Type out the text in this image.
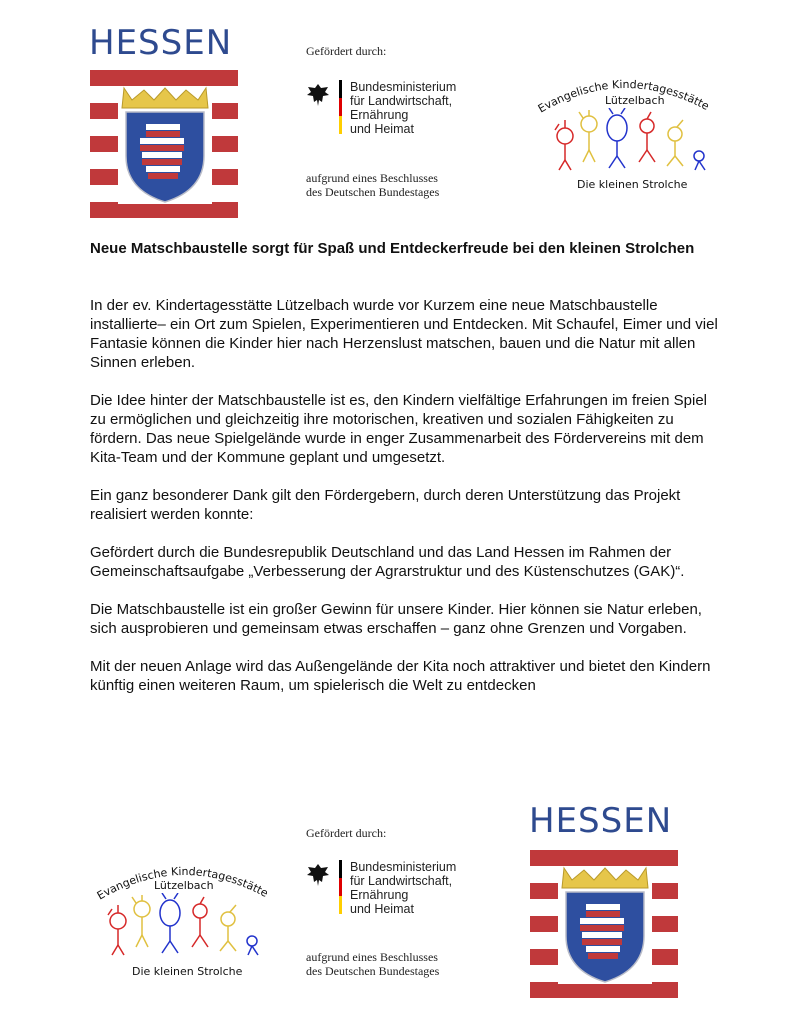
HESSEN	Gefördert durch:
Bundesministerium
für Landwirtschaft, Ernährung
und Heimat
aufgrund eines Beschlusses
des Deutschen Bundestages
Evangelische Kindertagesstätte
Lützelbach
Die kleinen Strolche
Neue Matschbaustelle sorgt für Spaß und Entdeckerfreude bei den kleinen Strolchen

In der ev. Kindertagesstätte Lützelbach wurde vor Kurzem eine neue Matschbaustelle installierte– ein Ort zum Spielen, Experimentieren und Entdecken. Mit Schaufel, Eimer und viel Fantasie können die Kinder hier nach Herzenslust matschen, bauen und die Natur mit allen Sinnen erleben.

Die Idee hinter der Matschbaustelle ist es, den Kindern vielfältige Erfahrungen im freien Spiel zu ermöglichen und gleichzeitig ihre motorischen, kreativen und sozialen Fähigkeiten zu fördern. Das neue Spielgelände wurde in enger Zusammenarbeit des Fördervereins mit dem Kita-Team und der Kommune geplant und umgesetzt.

Ein ganz besonderer Dank gilt den Fördergebern, durch deren Unterstützung das Projekt realisiert werden konnte:

Gefördert durch die Bundesrepublik Deutschland und das Land Hessen im Rahmen der Gemeinschaftsaufgabe „Verbesserung der Agrarstruktur und des Küstenschutzes (GAK)“.

Die Matschbaustelle ist ein großer Gewinn für unsere Kinder. Hier können sie Natur erleben, sich ausprobieren und gemeinsam etwas erschaffen – ganz ohne Grenzen und Vorgaben.

Mit der neuen Anlage wird das Außengelände der Kita noch attraktiver und bietet den Kindern künftig einen weiteren Raum, um spielerisch die Welt zu entdecken

Evangelische Kindertagesstätte
Lützelbach
Die kleinen Strolche
Gefördert durch:
Bundesministerium
für Landwirtschaft, Ernährung
und Heimat
aufgrund eines Beschlusses
des Deutschen Bundestages
HESSEN
